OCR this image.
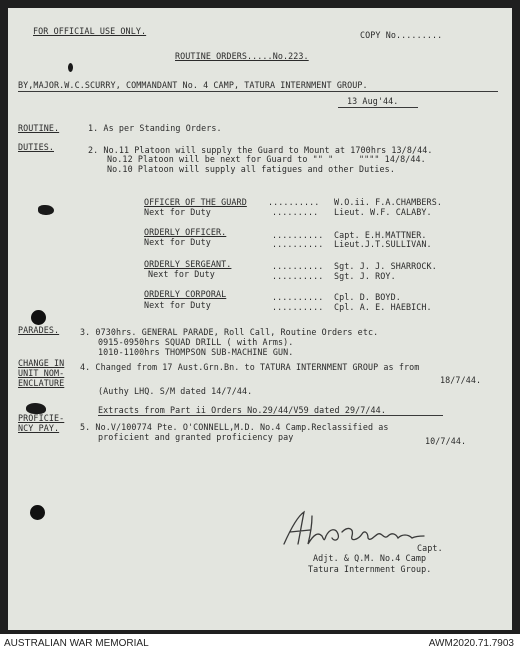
FOR OFFICIAL USE ONLY.	COPY No.........
ROUTINE ORDERS.....No.223.
BY,MAJOR.W.C.SCURRY, COMMANDANT No. 4 CAMP, TATURA INTERNMENT GROUP.
13 Aug'44.
ROUTINE.	1. As per Standing Orders.
DUTIES.	2. No.11 Platoon will supply the Guard to Mount at 1700hrs 13/8/44.
No.12 Platoon will be next for Guard to "" "     """" 14/8/44.
No.10 Platoon will supply all fatigues and other Duties.
OFFICER OF THE GUARD	.......... W.O.ii. F.A.CHAMBERS.
Next for Duty	......... Lieut. W.F. CALABY.
ORDERLY OFFICER.	.......... Capt. E.H.MATTNER.
Next for Duty	.......... Lieut.J.T.SULLIVAN.
ORDERLY SERGEANT.	.......... Sgt. J. J. SHARROCK.
Next for Duty	.......... Sgt. J. ROY.
ORDERLY CORPORAL	.......... Cpl. D. BOYD.
Next for Duty	.......... Cpl. A. E. HAEBICH.
PARADES. 3. 0730hrs. GENERAL PARADE, Roll Call, Routine Orders etc.
0915-0950hrs SQUAD DRILL ( with Arms).
1010-1100hrs THOMPSON SUB-MACHINE GUN.
CHANGE IN
UNIT NOM-
ENCLATURE
4. Changed from 17 Aust.Grn.Bn. to TATURA INTERNMENT GROUP as from
18/7/44.
(Authy LHQ. S/M dated 14/7/44.
PROFICIE-
NCY PAY.
Extracts from Part ii Orders No.29/44/V59 dated 29/7/44.
5. No.V/100774 Pte. O'CONNELL,M.D. No.4 Camp.Reclassified as
proficient and granted proficiency pay	10/7/44.
Capt.
Adjt. & Q.M. No.4 Camp
Tatura Internment Group.
AUSTRALIAN WAR MEMORIAL	AWM2020.71.7903
